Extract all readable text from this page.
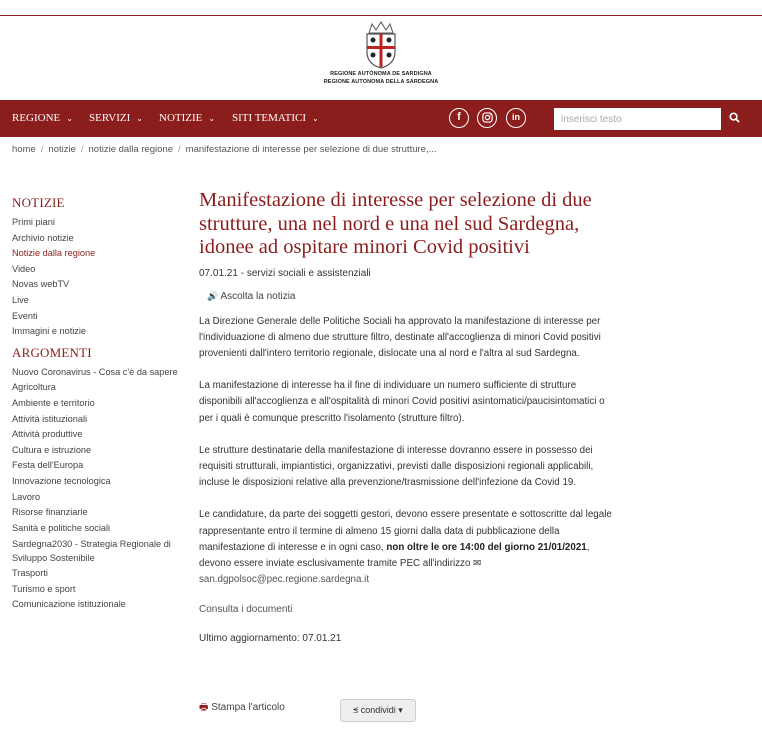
REGIONE AUTÒNOMA DE SARDIGNA
REGIONE AUTONOMA DELLA SARDEGNA
REGIONE ⌄ SERVIZI ⌄ NOTIZIE ⌄ SITI TEMATICI ⌄	f	in
inserisci testo
home / notizie / notizie dalla regione / manifestazione di interesse per selezione di due strutture,...
NOTIZIE
Primi piani
Archivio notizie
Notizie dalla regione
Video
Novas webTV
Live
Eventi
Immagini e notizie
ARGOMENTI
Nuovo Coronavirus - Cosa c'è da sapere
Agricoltura
Ambiente e territorio
Attività istituzionali
Attività produttive
Cultura e istruzione
Festa dell'Europa
Innovazione tecnologica
Lavoro
Risorse finanziarie
Sanità e politiche sociali
Sardegna2030 - Strategia Regionale di Sviluppo Sostenibile
Trasporti
Turismo e sport
Comunicazione istituzionale
Manifestazione di interesse per selezione di due strutture, una nel nord e una nel sud Sardegna, idonee ad ospitare minori Covid positivi
07.01.21 - servizi sociali e assistenziali
🔊 Ascolta la notizia

La Direzione Generale delle Politiche Sociali ha approvato la manifestazione di interesse per l'individuazione di almeno due strutture filtro, destinate all'accoglienza di minori Covid positivi provenienti dall'intero territorio regionale, dislocate una al nord e l'altra al sud Sardegna.

La manifestazione di interesse ha il fine di individuare un numero sufficiente di strutture disponibili all'accoglienza e all'ospitalità di minori Covid positivi asintomatici/paucisintomatici o per i quali è comunque prescritto l'isolamento (strutture filtro).

Le strutture destinatarie della manifestazione di interesse dovranno essere in possesso dei requisiti strutturali, impiantistici, organizzativi, previsti dalle disposizioni regionali applicabili, incluse le disposizioni relative alla prevenzione/trasmissione dell'infezione da Covid 19.

Le candidature, da parte dei soggetti gestori, devono essere presentate e sottoscritte dal legale rappresentante entro il termine di almeno 15 giorni dalla data di pubblicazione della manifestazione di interesse e in ogni caso, non oltre le ore 14:00 del giorno 21/01/2021, devono essere inviate esclusivamente tramite PEC all'indirizzo ✉ san.dgpolsoc@pec.regione.sardegna.it

Consulta i documenti
Ultimo aggiornamento: 07.01.21
🖶 Stampa l'articolo	⪬ condividi ▾
